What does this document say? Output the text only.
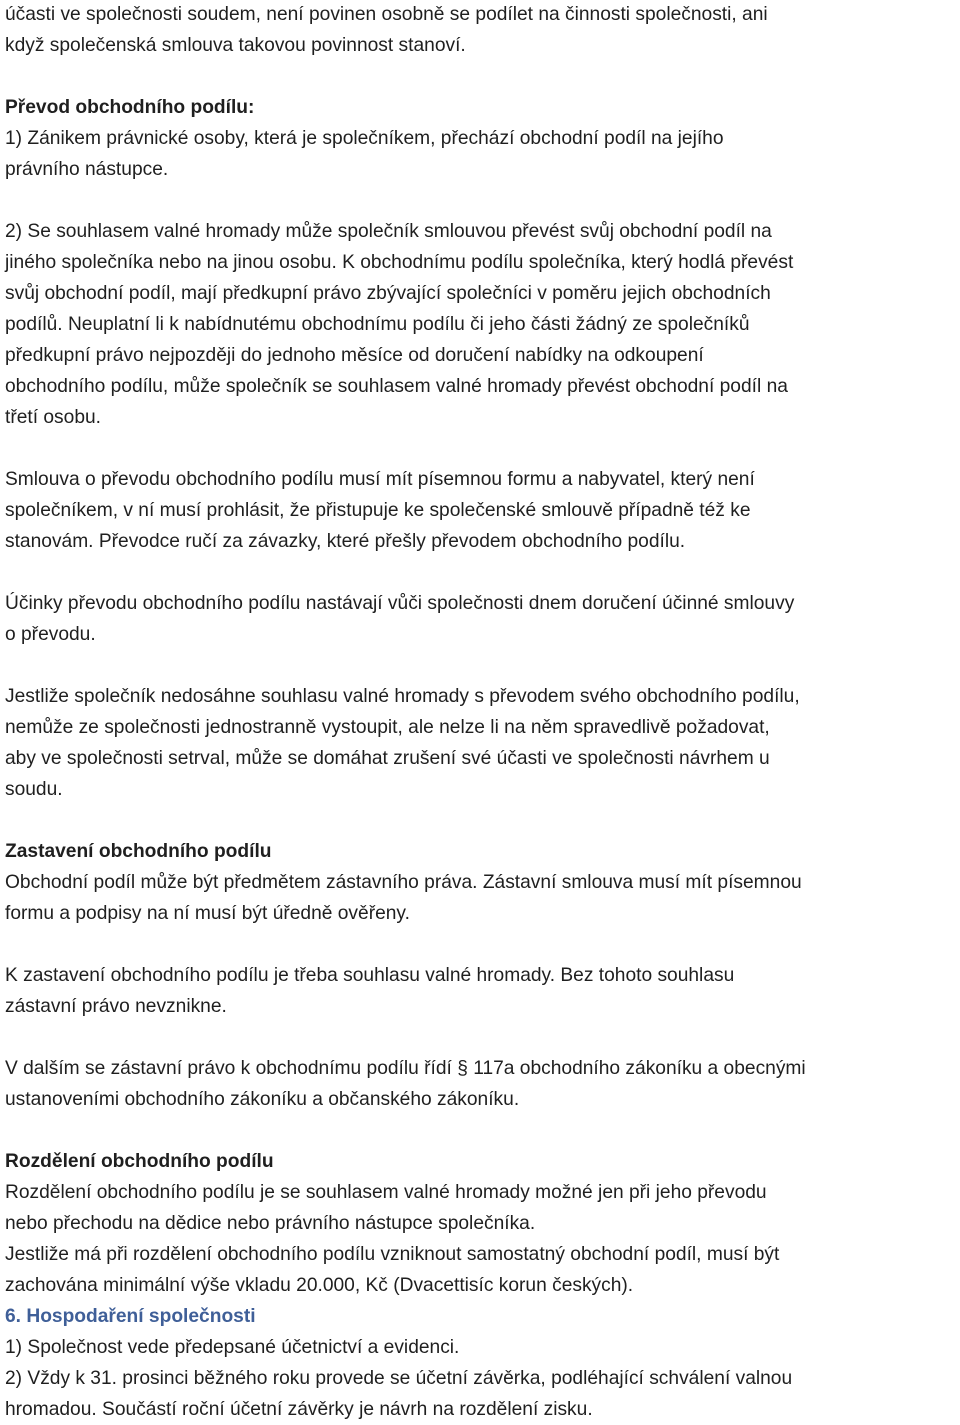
účasti ve společnosti soudem, není povinen osobně se podílet na činnosti společnosti, ani
když společenská smlouva takovou povinnost stanoví.
Převod obchodního podílu:
1) Zánikem právnické osoby, která je společníkem, přechází obchodní podíl na jejího
právního nástupce.
2) Se souhlasem valné hromady může společník smlouvou převést svůj obchodní podíl na
jiného společníka nebo na jinou osobu. K obchodnímu podílu společníka, který hodlá převést
svůj obchodní podíl, mají předkupní právo zbývající společníci v poměru jejich obchodních
podílů. Neuplatní li k nabídnutému obchodnímu podílu či jeho části žádný ze společníků
předkupní právo nejpozději do jednoho měsíce od doručení nabídky na odkoupení
obchodního podílu, může společník se souhlasem valné hromady převést obchodní podíl na
třetí osobu.
Smlouva o převodu obchodního podílu musí mít písemnou formu a nabyvatel, který není
společníkem, v ní musí prohlásit, že přistupuje ke společenské smlouvě případně též ke
stanovám. Převodce ručí za závazky, které přešly převodem obchodního podílu.
Účinky převodu obchodního podílu nastávají vůči společnosti dnem doručení účinné smlouvy
o převodu.
Jestliže společník nedosáhne souhlasu valné hromady s převodem svého obchodního podílu,
nemůže ze společnosti jednostranně vystoupit, ale nelze li na něm spravedlivě požadovat,
aby ve společnosti setrval, může se domáhat zrušení své účasti ve společnosti návrhem u
soudu.
Zastavení obchodního podílu
Obchodní podíl může být předmětem zástavního práva. Zástavní smlouva musí mít písemnou
formu a podpisy na ní musí být úředně ověřeny.
K zastavení obchodního podílu je třeba souhlasu valné hromady. Bez tohoto souhlasu
zástavní právo nevznikne.
V dalším se zástavní právo k obchodnímu podílu řídí § 117a obchodního zákoníku a obecnými
ustanoveními obchodního zákoníku a občanského zákoníku.
Rozdělení obchodního podílu
Rozdělení obchodního podílu je se souhlasem valné hromady možné jen při jeho převodu
nebo přechodu na dědice nebo právního nástupce společníka.
Jestliže má při rozdělení obchodního podílu vzniknout samostatný obchodní podíl, musí být
zachována minimální výše vkladu 20.000, Kč (Dvacettisíc korun českých).
6. Hospodaření společnosti
1) Společnost vede předepsané účetnictví a evidenci.
2) Vždy k 31. prosinci běžného roku provede se účetní závěrka, podléhající schválení valnou
hromadou. Součástí roční účetní závěrky je návrh na rozdělení zisku.
